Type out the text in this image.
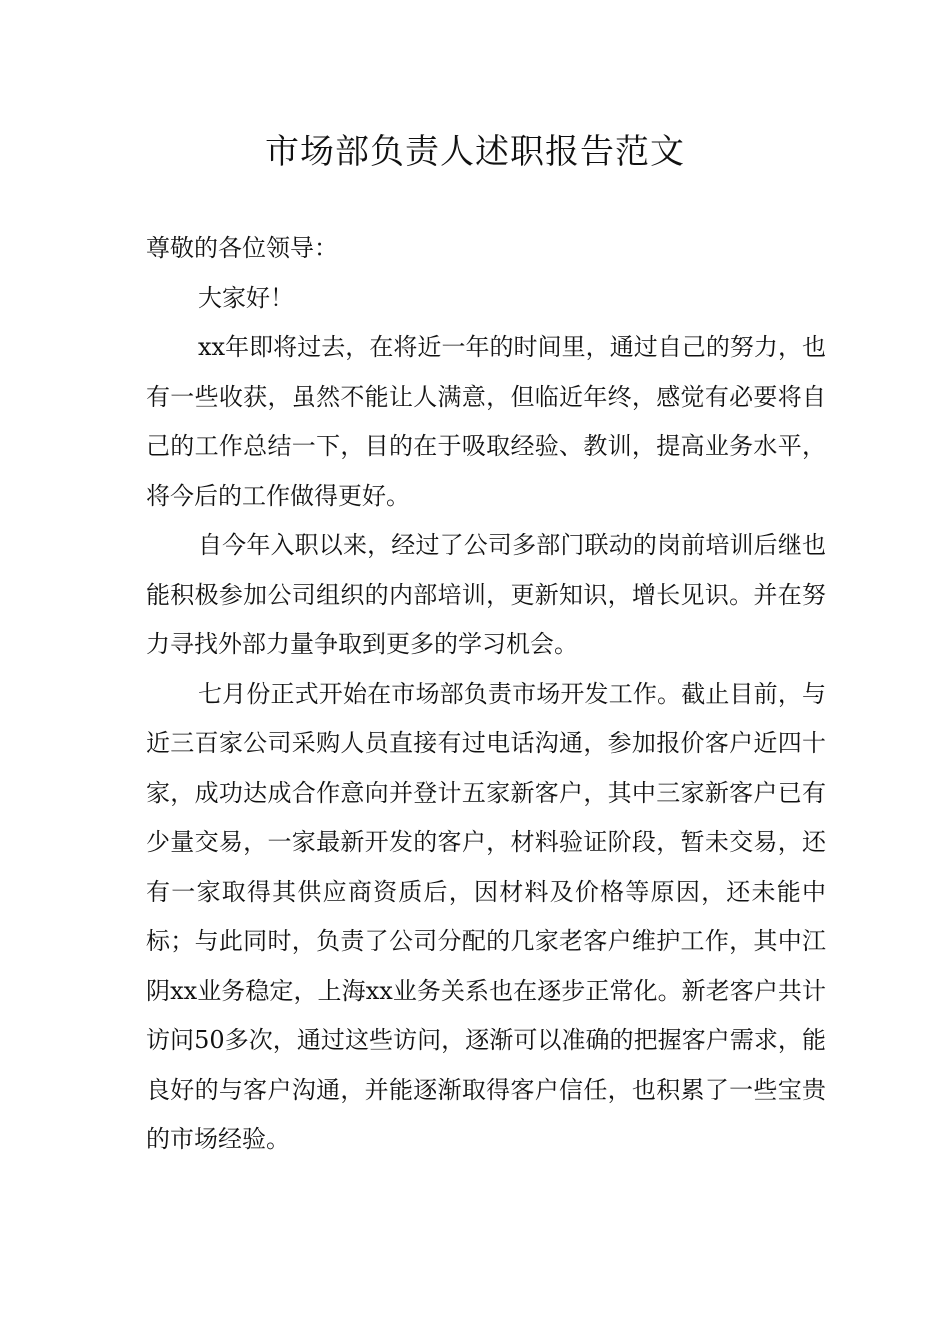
市场部负责人述职报告范文

尊敬的各位领导：

大家好！

xx年即将过去，在将近一年的时间里，通过自己的努力，也有一些收获，虽然不能让人满意，但临近年终，感觉有必要将自己的工作总结一下，目的在于吸取经验、教训，提高业务水平，将今后的工作做得更好。

自今年入职以来，经过了公司多部门联动的岗前培训后继也能积极参加公司组织的内部培训，更新知识，增长见识。并在努力寻找外部力量争取到更多的学习机会。

七月份正式开始在市场部负责市场开发工作。截止目前，与近三百家公司采购人员直接有过电话沟通，参加报价客户近四十家，成功达成合作意向并登计五家新客户，其中三家新客户已有少量交易，一家最新开发的客户，材料验证阶段，暂未交易，还有一家取得其供应商资质后，因材料及价格等原因，还未能中标；与此同时，负责了公司分配的几家老客户维护工作，其中江阴xx业务稳定，上海xx业务关系也在逐步正常化。新老客户共计访问50多次，通过这些访问，逐渐可以准确的把握客户需求，能良好的与客户沟通，并能逐渐取得客户信任，也积累了一些宝贵的市场经验。
